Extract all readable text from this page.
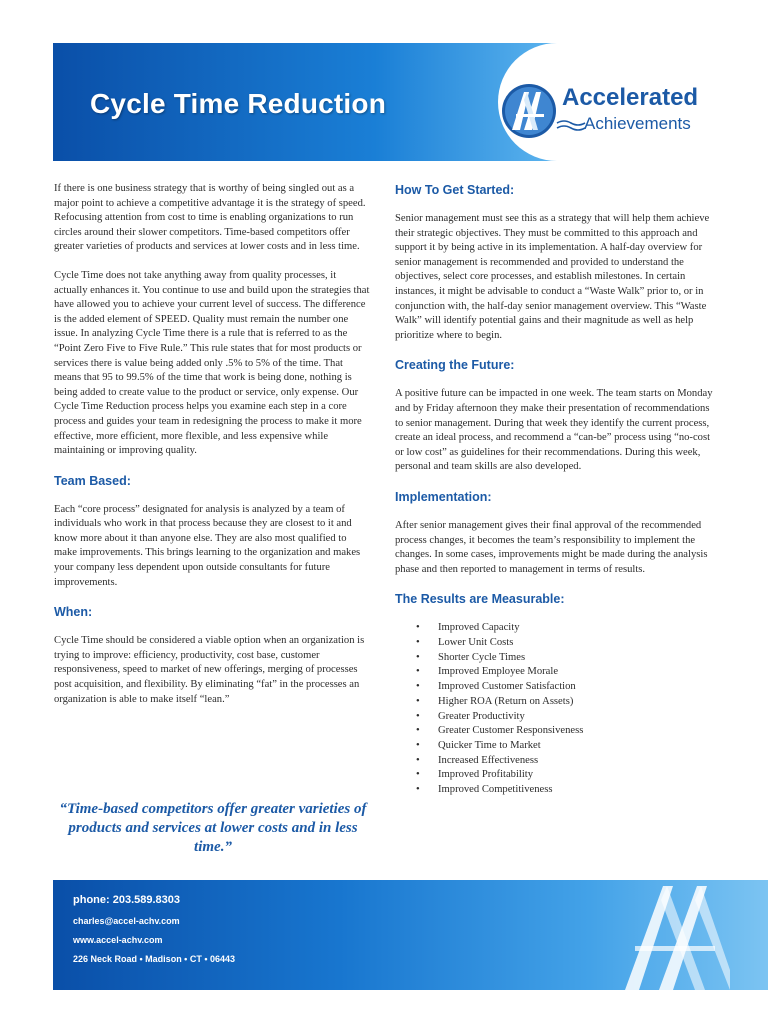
Cycle Time Reduction	Accelerated
Achievements

If there is one business strategy that is worthy of being singled out as a major point to achieve a competitive advantage it is the strategy of speed. Refocusing attention from cost to time is enabling organizations to run circles around their slower competitors. Time-based competitors offer greater varieties of products and services at lower costs and in less time.

Cycle Time does not take anything away from quality processes, it actually enhances it. You continue to use and build upon the strategies that have allowed you to achieve your current level of success. The difference is the added element of SPEED. Quality must remain the number one issue. In analyzing Cycle Time there is a rule that is referred to as the “Point Zero Five to Five Rule.” This rule states that for most products or services there is value being added only .5% to 5% of the time. That means that 95 to 99.5% of the time that work is being done, nothing is being added to create value to the product or service, only expense. Our Cycle Time Reduction process helps you examine each step in a core process and guides your team in redesigning the process to make it more effective, more efficient, more flexible, and less expensive while maintaining or improving quality.

Team Based:

Each “core process” designated for analysis is analyzed by a team of individuals who work in that process because they are closest to it and know more about it than anyone else. They are also most qualified to make improvements. This brings learning to the organization and makes your company less dependent upon outside consultants for future improvements.

When:

Cycle Time should be considered a viable option when an organization is trying to improve: efficiency, productivity, cost base, customer responsiveness, speed to market of new offerings, merging of processes post acquisition, and flexibility. By eliminating “fat” in the processes an organization is able to make itself “lean.”

“Time-based competitors offer greater varieties of products and services at lower costs and in less time.”
How To Get Started:

Senior management must see this as a strategy that will help them achieve their strategic objectives. They must be committed to this approach and support it by being active in its implementation. A half-day overview for senior management is recommended and provided to understand the objectives, select core processes, and establish milestones. In certain instances, it might be advisable to conduct a “Waste Walk” prior to, or in conjunction with, the half-day senior management overview. This “Waste Walk” will identify potential gains and their magnitude as well as help prioritize where to begin.

Creating the Future:

A positive future can be impacted in one week. The team starts on Monday and by Friday afternoon they make their presentation of recommendations to senior management. During that week they identify the current process, create an ideal process, and recommend a “can-be” process using “no-cost or low cost” as guidelines for their recommendations. During this week, personal and team skills are also developed.

Implementation:

After senior management gives their final approval of the recommended process changes, it becomes the team’s responsibility to implement the changes. In some cases, improvements might be made during the analysis phase and then reported to management in terms of results.

The Results are Measurable:
• Improved Capacity
• Lower Unit Costs
• Shorter Cycle Times
• Improved Employee Morale
• Improved Customer Satisfaction
• Higher ROA (Return on Assets)
• Greater Productivity
• Greater Customer Responsiveness
• Quicker Time to Market
• Increased Effectiveness
• Improved Profitability
• Improved Competitiveness
phone: 203.589.8303
charles@accel-achv.com
www.accel-achv.com
226 Neck Road • Madison • CT • 06443
